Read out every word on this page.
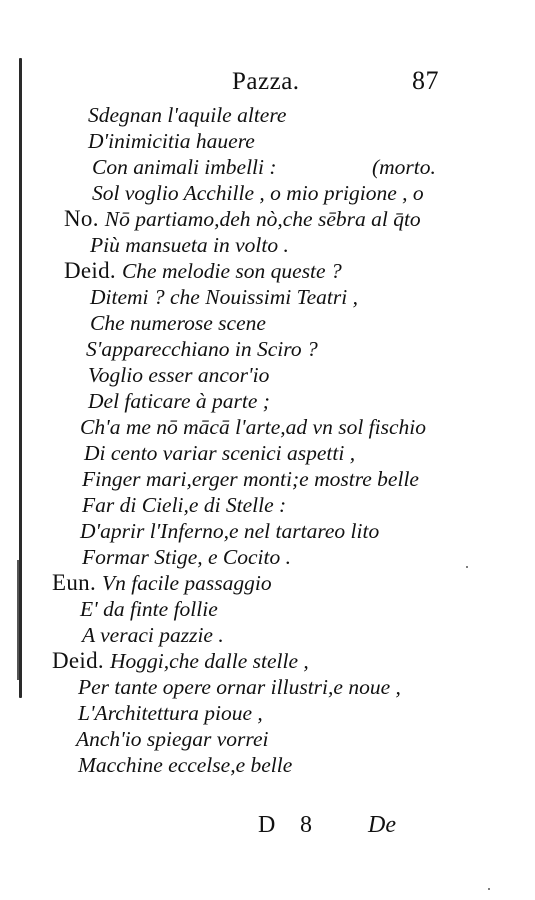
Pazza.	87
Sdegnan l'aquile altere
D'inimicitia hauere
Con animali imbelli :
Sol voglio Acchille , o mio prigione , o
No. Nō partiamo,deh nò,che sēbra al q̄to
Più mansueta in volto .
Deid. Che melodie son queste ?
Ditemi ? che Nouissimi Teatri ,
Che numerose scene
S'apparecchiano in Sciro ?
Voglio esser ancor'io
Del faticare à parte ;
Ch'a me nō mācā l'arte,ad vn sol fischio
Di cento variar scenici aspetti ,
Finger mari,erger monti;e mostre belle
Far di Cieli,e di Stelle :
D'aprir l'Inferno,e nel tartareo lito
Formar Stige, e Cocito .
Eun. Vn facile passaggio
E' da finte follie
A veraci pazzie .
Deid. Hoggi,che dalle stelle ,
Per tante opere ornar illustri,e noue ,
L'Architettura pioue ,
Anch'io spiegar vorrei
Macchine eccelse,e belle
(morto.
D 8 De
